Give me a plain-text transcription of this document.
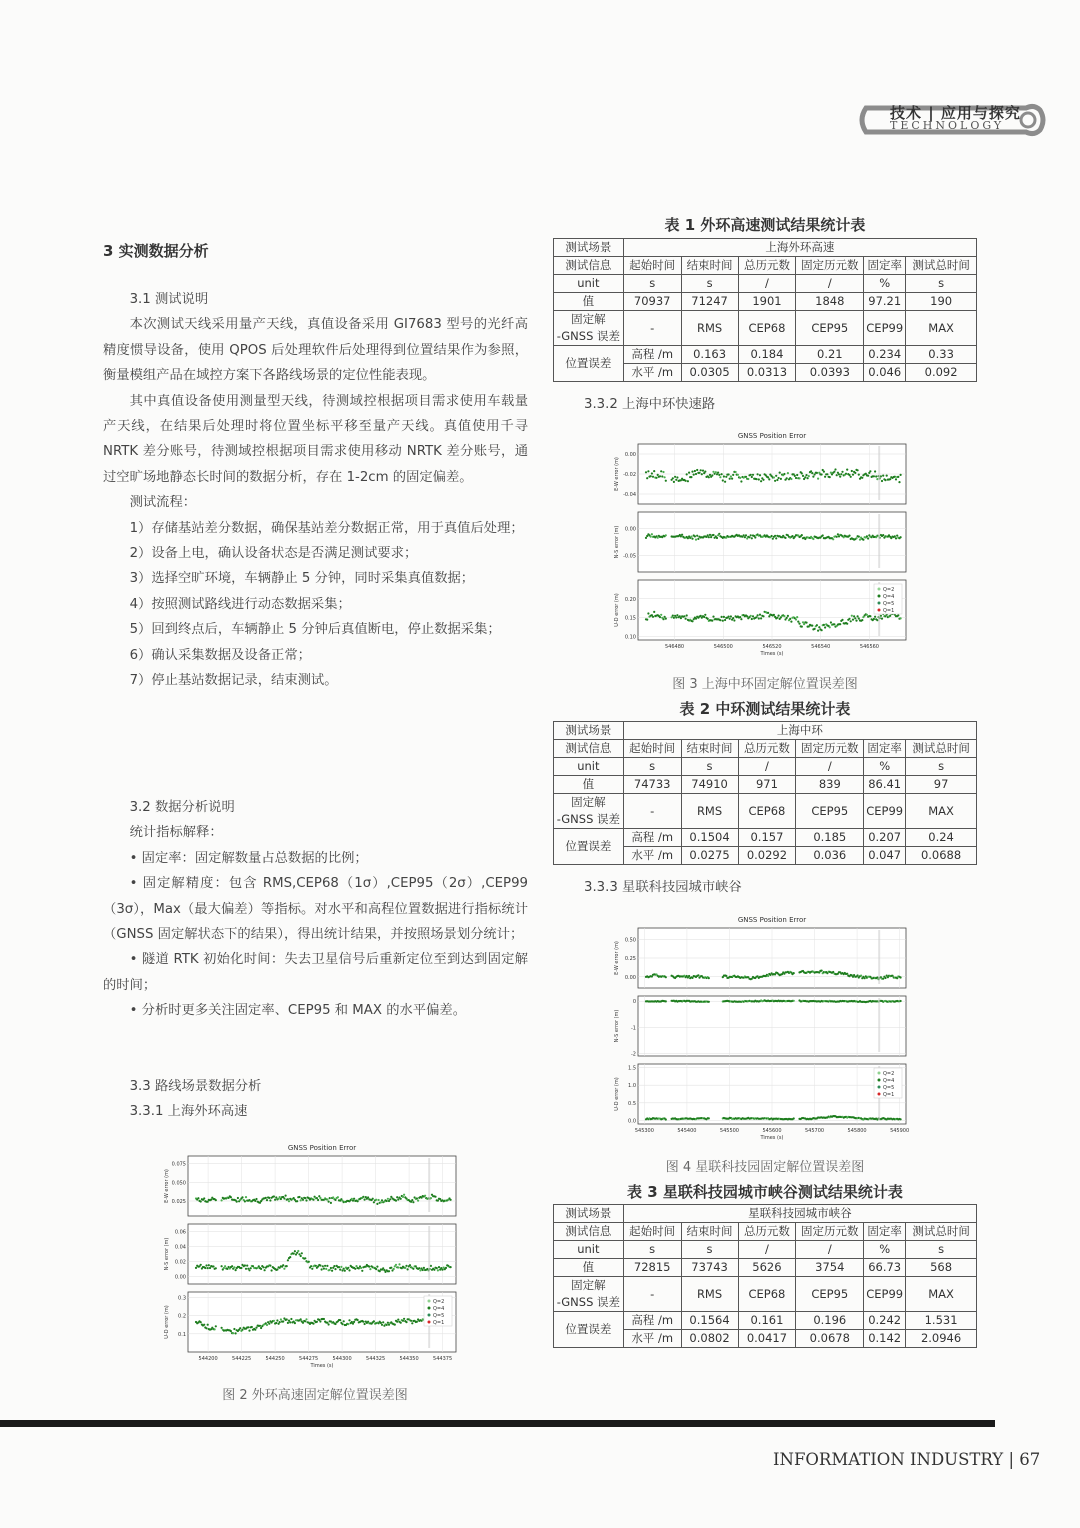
技术 | 应用与探究
TECHNOLOGY
3 实测数据分析

3.1 测试说明

本次测试天线采用量产天线，真值设备采用 GI7683 型号的光纤高精度惯导设备，使用 QPOS 后处理软件后处理得到位置结果作为参照，衡量模组产品在域控方案下各路线场景的定位性能表现。

其中真值设备使用测量型天线，待测域控根据项目需求使用车载量产天线，在结果后处理时将位置坐标平移至量产天线。真值使用千寻 NRTK 差分账号，待测域控根据项目需求使用移动 NRTK 差分账号，通过空旷场地静态长时间的数据分析，存在 1-2cm 的固定偏差。

测试流程：

1）存储基站差分数据，确保基站差分数据正常，用于真值后处理；

2）设备上电，确认设备状态是否满足测试要求；

3）选择空旷环境，车辆静止 5 分钟，同时采集真值数据；

4）按照测试路线进行动态数据采集；

5）回到终点后，车辆静止 5 分钟后真值断电，停止数据采集；

6）确认采集数据及设备正常；

7）停止基站数据记录，结束测试。

3.2 数据分析说明

统计指标解释：

• 固定率：固定解数量占总数据的比例；

• 固定解精度：包含 RMS,CEP68（1σ）,CEP95（2σ）,CEP99（3σ），Max（最大偏差）等指标。对水平和高程位置数据进行指标统计（GNSS 固定解状态下的结果），得出统计结果，并按照场景划分统计；

• 隧道 RTK 初始化时间：失去卫星信号后重新定位至到达到固定解的时间；

• 分析时更多关注固定率、CEP95 和 MAX 的水平偏差。

3.3 路线场景数据分析

3.3.1 上海外环高速

GNSS Position Error
0.075
0.050
0.025
E-W error (m)
0.06
0.04
0.02
0.00
N-S error (m)
0.3
0.2
0.1
U-D error (m)
Q=2
Q=4
Q=5
Q=1
544200	544225	544250	544275	544300	544325	544350	544375
Times (s)
图 2 外环高速固定解位置误差图
表 1 外环高速测试结果统计表
测试场景	上海外环高速					
测试信息	起始时间	结束时间	总历元数	固定历元数	固定率	测试总时间
unit	s	s	/	/	%	s
值	70937	71247	1901	1848	97.21	190

固定解
-GNSS 误差	-	RMS	CEP68	CEP95	CEP99	MAX
位置误差	高程 /m	0.163	0.184	0.21	0.234	0.33
	水平 /m	0.0305	0.0313	0.0393	0.046	0.092
3.3.2 上海中环快速路
GNSS Position Error
0.00
-0.02
-0.04
E-W error (m)
0.00
-0.05
N-S error (m)
0.20
0.15
0.10
U-D error (m)
Q=2
Q=4
Q=5
Q=1
546480	546500	546520	546540	546560
Times (s)
图 3 上海中环固定解位置误差图
表 2 中环测试结果统计表
测试场景	上海中环					
测试信息	起始时间	结束时间	总历元数	固定历元数	固定率	测试总时间
unit	s	s	/	/	%	s
值	74733	74910	971	839	86.41	97

固定解
-GNSS 误差	-	RMS	CEP68	CEP95	CEP99	MAX
位置误差	高程 /m	0.1504	0.157	0.185	0.207	0.24
	水平 /m	0.0275	0.0292	0.036	0.047	0.0688
3.3.3 星联科技园城市峡谷
GNSS Position Error
0.50
0.25
0.00
E-W error (m)
0
-1
-2
N-S error (m)
1.5
1.0
0.5
0.0
U-D error (m)
Q=2
Q=4
Q=5
Q=1
545300	545400	545500	545600	545700	545800	545900
Times (s)
图 4 星联科技园固定解位置误差图
表 3 星联科技园城市峡谷测试结果统计表
测试场景	星联科技园城市峡谷					
测试信息	起始时间	结束时间	总历元数	固定历元数	固定率	测试总时间
unit	s	s	/	/	%	s
值	72815	73743	5626	3754	66.73	568

固定解
-GNSS 误差	-	RMS	CEP68	CEP95	CEP99	MAX
位置误差	高程 /m	0.1564	0.161	0.196	0.242	1.531
	水平 /m	0.0802	0.0417	0.0678	0.142	2.0946
INFORMATION INDUSTRY | 67
